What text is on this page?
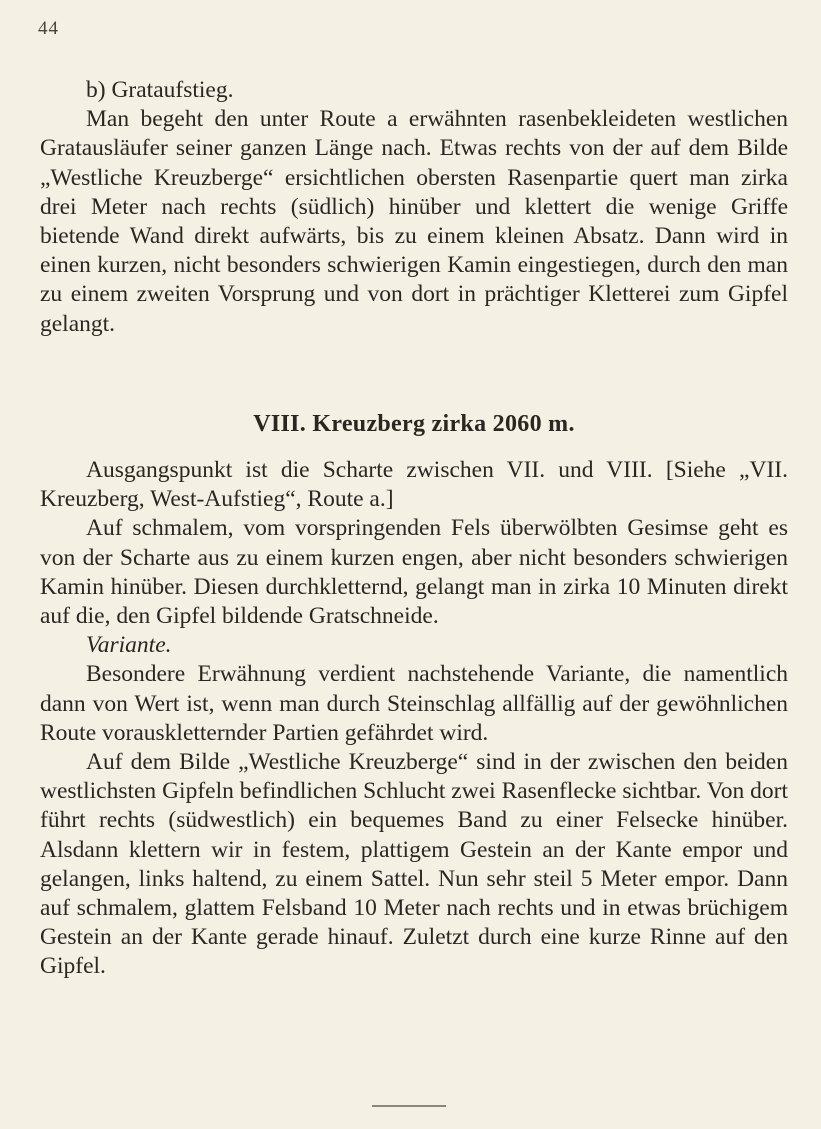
44

b) Grataufstieg.

Man begeht den unter Route a erwähnten rasenbekleideten westlichen Gratausläufer seiner ganzen Länge nach. Etwas rechts von der auf dem Bilde „Westliche Kreuzberge“ ersichtlichen obersten Rasenpartie quert man zirka drei Meter nach rechts (südlich) hinüber und klettert die wenige Griffe bietende Wand direkt aufwärts, bis zu einem kleinen Absatz. Dann wird in einen kurzen, nicht besonders schwierigen Kamin eingestiegen, durch den man zu einem zweiten Vorsprung und von dort in prächtiger Kletterei zum Gipfel gelangt.

VIII. Kreuzberg zirka 2060 m.

Ausgangspunkt ist die Scharte zwischen VII. und VIII. [Siehe „VII. Kreuzberg, West-Aufstieg“, Route a.]

Auf schmalem, vom vorspringenden Fels überwölbten Gesimse geht es von der Scharte aus zu einem kurzen engen, aber nicht besonders schwierigen Kamin hinüber. Diesen durchkletternd, gelangt man in zirka 10 Minuten direkt auf die, den Gipfel bildende Gratschneide.

Variante.

Besondere Erwähnung verdient nachstehende Variante, die namentlich dann von Wert ist, wenn man durch Steinschlag allfällig auf der gewöhnlichen Route vorauskletternder Partien gefährdet wird.

Auf dem Bilde „Westliche Kreuzberge“ sind in der zwischen den beiden westlichsten Gipfeln befindlichen Schlucht zwei Rasenflecke sichtbar. Von dort führt rechts (südwestlich) ein bequemes Band zu einer Felsecke hinüber. Alsdann klettern wir in festem, plattigem Gestein an der Kante empor und gelangen, links haltend, zu einem Sattel. Nun sehr steil 5 Meter empor. Dann auf schmalem, glattem Felsband 10 Meter nach rechts und in etwas brüchigem Gestein an der Kante gerade hinauf. Zuletzt durch eine kurze Rinne auf den Gipfel.
